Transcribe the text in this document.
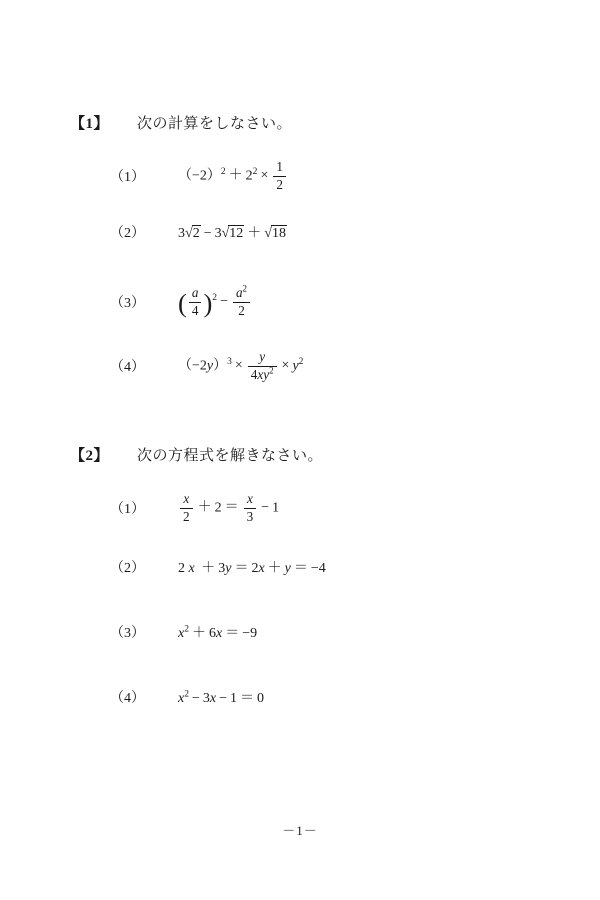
【1】 次の計算をしなさい。
（1）	$(-2)^2 + 2^2 \times \frac{1}{2}$
（2）	3√2 − 3√12 ＋ √18
（3）	( $\frac{a}{4} )^2 - \frac{a^2}{2}$
（4）	$(-2y)^3 \times \frac{y}{4xy^2} \times y^2$
【2】 次の方程式を解きなさい。
（1）	$\frac{x}{2} + 2 = \frac{x}{3} - 1$
（2）	2 x ＋ 3y ＝ 2x ＋ y ＝ −4
（3）	$x^2 + 6x = -9$
（4）	$x^2 - 3x - 1 = 0$
－1－
